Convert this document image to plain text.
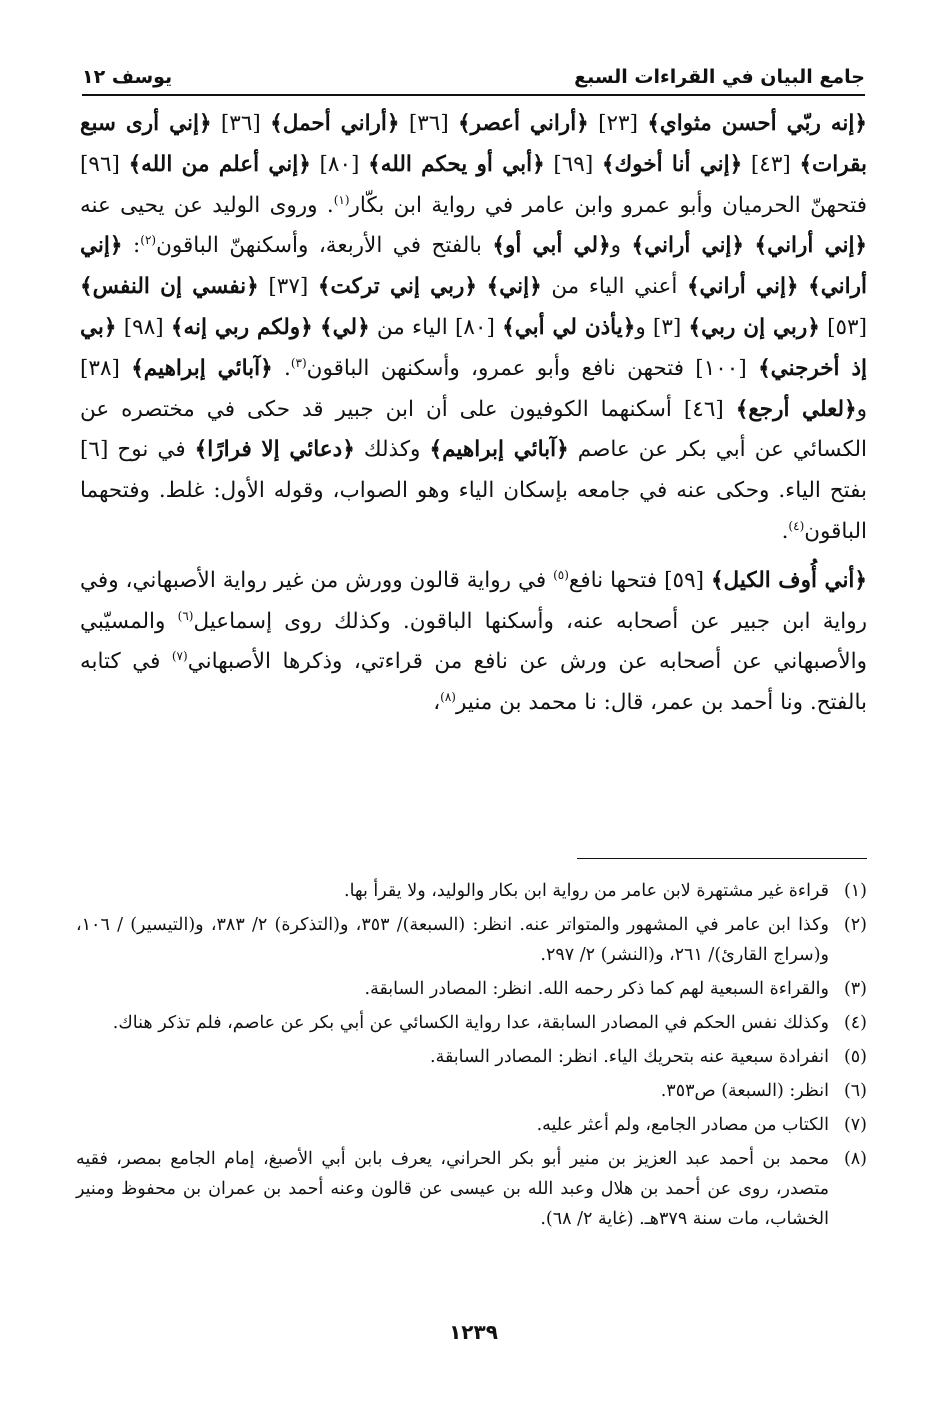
جامع البيان في القراءات السبع
يوسف ١٢

﴿إنه ربّي أحسن مثواي﴾ [٢٣] ﴿أراني أعصر﴾ [٣٦] ﴿أراني أحمل﴾ [٣٦] ﴿إني أرى سبع بقرات﴾ [٤٣] ﴿إني أنا أخوك﴾ [٦٩] ﴿أبي أو يحكم الله﴾ [٨٠] ﴿إني أعلم من الله﴾ [٩٦] فتحهنّ الحرميان وأبو عمرو وابن عامر في رواية ابن بكّار$^{(١)}$. وروى الوليد عن يحيى عنه ﴿إني أراني﴾ ﴿إني أراني﴾ و﴿لي أبي أو﴾ بالفتح في الأربعة، وأسكنهنّ الباقون$^{(٢)}$: ﴿إني أراني﴾ ﴿إني أراني﴾ أعني الياء من ﴿إني﴾ ﴿ربي إني تركت﴾ [٣٧] ﴿نفسي إن النفس﴾ [٥٣] ﴿ربي إن ربي﴾ [٣] و﴿يأذن لي أبي﴾ [٨٠] الياء من ﴿لي﴾ ﴿ولكم ربي إنه﴾ [٩٨] ﴿بي إذ أخرجني﴾ [١٠٠] فتحهن نافع وأبو عمرو، وأسكنهن الباقون$^{(٣)}$. ﴿آبائي إبراهيم﴾ [٣٨] و﴿لعلي أرجع﴾ [٤٦] أسكنهما الكوفيون على أن ابن جبير قد حكى في مختصره عن الكسائي عن أبي بكر عن عاصم ﴿آبائي إبراهيم﴾ وكذلك ﴿دعائي إلا فرارًا﴾ في نوح [٦] بفتح الياء. وحكى عنه في جامعه بإسكان الياء وهو الصواب، وقوله الأول: غلط. وفتحهما الباقون$^{(٤)}$.

﴿أني أُوف الكيل﴾ [٥٩] فتحها نافع$^{(٥)}$ في رواية قالون وورش من غير رواية الأصبهاني، وفي رواية ابن جبير عن أصحابه عنه، وأسكنها الباقون. وكذلك روى إسماعيل$^{(٦)}$ والمسيّبي والأصبهاني عن أصحابه عن ورش عن نافع من قراءتي، وذكرها الأصبهاني$^{(٧)}$ في كتابه بالفتح. ونا أحمد بن عمر، قال: نا محمد بن منير$^{(٨)}$،

(١)قراءة غير مشتهرة لابن عامر من رواية ابن بكار والوليد، ولا يقرأ بها.
(٢)وكذا ابن عامر في المشهور والمتواتر عنه. انظر: (السبعة)/ ٣٥٣، و(التذكرة) ٢/ ٣٨٣، و(التيسير) / ١٠٦، و(سراج القارئ)/ ٢٦١، و(النشر) ٢/ ٢٩٧.
(٣)والقراءة السبعية لهم كما ذكر رحمه الله. انظر: المصادر السابقة.
(٤)وكذلك نفس الحكم في المصادر السابقة، عدا رواية الكسائي عن أبي بكر عن عاصم، فلم تذكر هناك.
(٥)انفرادة سبعية عنه بتحريك الياء. انظر: المصادر السابقة.
(٦)انظر: (السبعة) ص٣٥٣.
(٧)الكتاب من مصادر الجامع، ولم أعثر عليه.
(٨)محمد بن أحمد عبد العزيز بن منير أبو بكر الحراني، يعرف بابن أبي الأصبغ، إمام الجامع بمصر، فقيه متصدر، روى عن أحمد بن هلال وعبد الله بن عيسى عن قالون وعنه أحمد بن عمران بن محفوظ ومنير الخشاب، مات سنة ٣٧٩هـ. (غاية ٢/ ٦٨).
١٢٣٩
